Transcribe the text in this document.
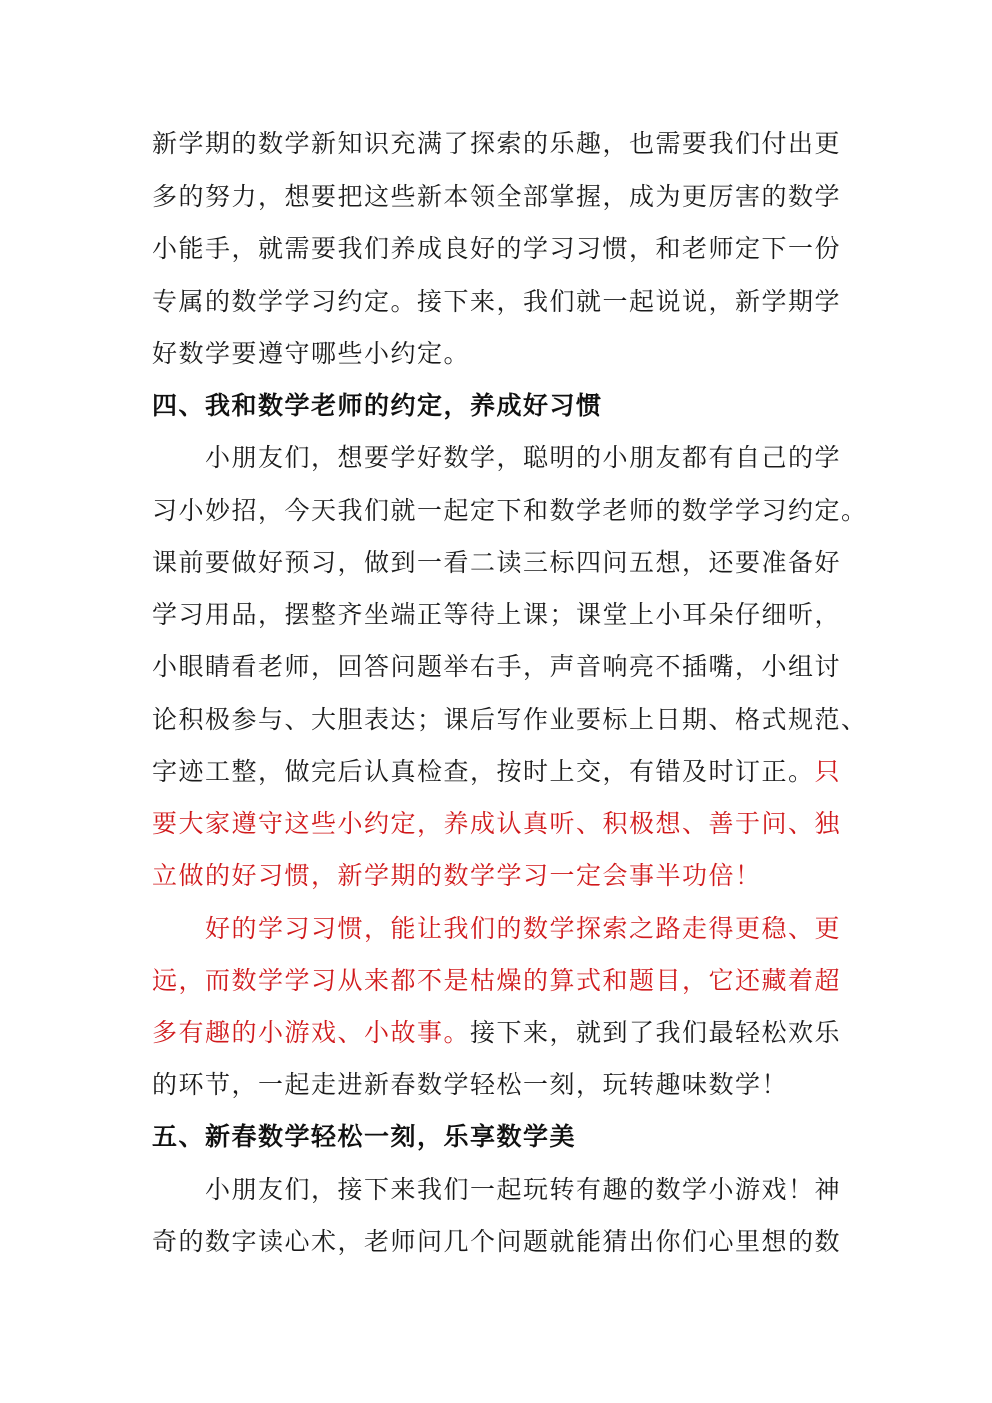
新学期的数学新知识充满了探索的乐趣，也需要我们付出更
多的努力，想要把这些新本领全部掌握，成为更厉害的数学
小能手，就需要我们养成良好的学习习惯，和老师定下一份
专属的数学学习约定。接下来，我们就一起说说，新学期学
好数学要遵守哪些小约定。
四、我和数学老师的约定，养成好习惯
小朋友们，想要学好数学，聪明的小朋友都有自己的学
习小妙招，今天我们就一起定下和数学老师的数学学习约定。
课前要做好预习，做到一看二读三标四问五想，还要准备好
学习用品，摆整齐坐端正等待上课；课堂上小耳朵仔细听，
小眼睛看老师，回答问题举右手，声音响亮不插嘴，小组讨
论积极参与、大胆表达；课后写作业要标上日期、格式规范、
字迹工整，做完后认真检查，按时上交，有错及时订正。只
要大家遵守这些小约定，养成认真听、积极想、善于问、独
立做的好习惯，新学期的数学学习一定会事半功倍！
好的学习习惯，能让我们的数学探索之路走得更稳、更
远，而数学学习从来都不是枯燥的算式和题目，它还藏着超
多有趣的小游戏、小故事。接下来，就到了我们最轻松欢乐
的环节，一起走进新春数学轻松一刻，玩转趣味数学！
五、新春数学轻松一刻，乐享数学美
小朋友们，接下来我们一起玩转有趣的数学小游戏！神
奇的数字读心术，老师问几个问题就能猜出你们心里想的数
